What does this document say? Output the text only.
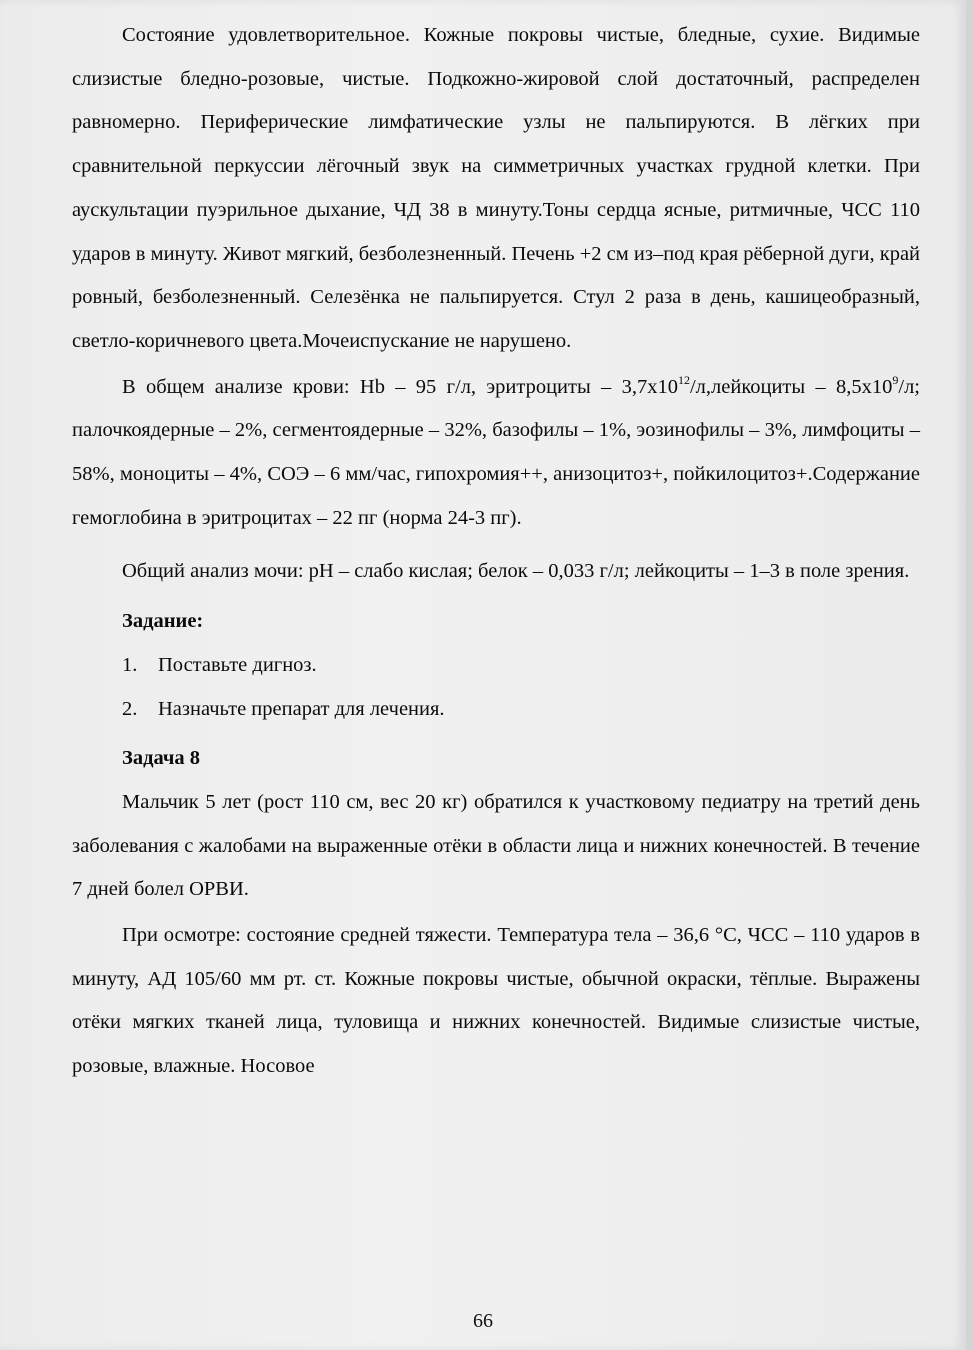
Состояние удовлетворительное. Кожные покровы чистые, бледные, сухие. Видимые слизистые бледно-розовые, чистые. Подкожно-жировой слой достаточный, распределен равномерно. Периферические лимфатические узлы не пальпируются. В лёгких при сравнительной перкуссии лёгочный звук на симметричных участках грудной клетки. При аускультации пуэрильное дыхание, ЧД 38 в минуту.Тоны сердца ясные, ритмичные, ЧСС 110 ударов в минуту. Живот мягкий, безболезненный. Печень +2 см из–под края рёберной дуги, край ровный, безболезненный. Селезёнка не пальпируется. Стул 2 раза в день, кашицеобразный, светло-коричневого цвета.Мочеиспускание не нарушено.

В общем анализе крови: Hb – 95 г/л, эритроциты – $3,7х10^{12}/л,лейкоциты - 8,5х10^9/л$; палочкоядерные – 2%, сегментоядерные – 32%, базофилы – 1%, эозинофилы – 3%, лимфоциты – 58%, моноциты – 4%, СОЭ – 6 мм/час, гипохромия++, анизоцитоз+, пойкилоцитоз+.Содержание гемоглобина в эритроцитах – 22 пг (норма 24-3 пг).

Общий анализ мочи: pH – слабо кислая; белок – 0,033 г/л; лейкоциты – 1–3 в поле зрения.

Задание:

1.	Поставьте дигноз.
2.	Назначьте препарат для лечения.

Задача 8

Мальчик 5 лет (рост 110 см, вес 20 кг) обратился к участковому педиатру на третий день заболевания с жалобами на выраженные отёки в области лица и нижних конечностей. В течение 7 дней болел ОРВИ.

При осмотре: состояние средней тяжести. Температура тела – 36,6 °С, ЧСС – 110 ударов в минуту, АД 105/60 мм рт. ст. Кожные покровы чистые, обычной окраски, тёплые. Выражены отёки мягких тканей лица, туловища и нижних конечностей. Видимые слизистые чистые, розовые, влажные. Носовое

66
